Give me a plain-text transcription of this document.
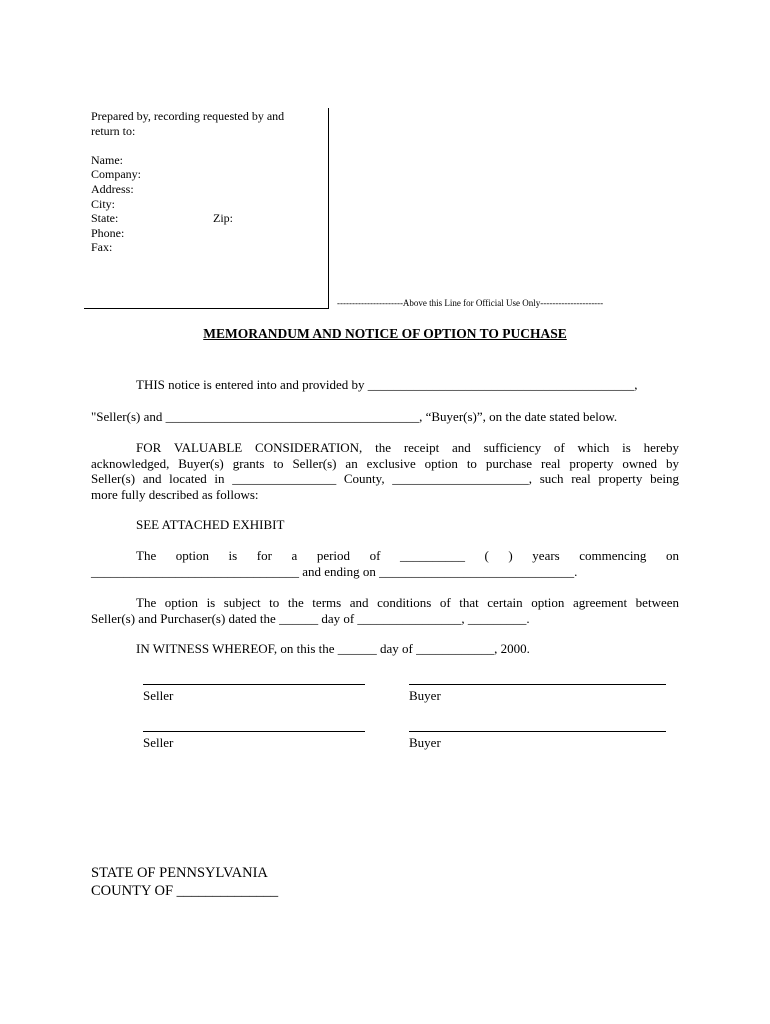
Prepared by, recording requested by and
return to:
Name:
Company:
Address:
City:
State:	Zip:
Phone:
Fax:
----------------------Above this Line for Official Use Only---------------------
MEMORANDUM AND NOTICE OF OPTION TO PUCHASE
THIS notice is entered into and provided by _________________________________________,
"Seller(s) and _______________________________________, “Buyer(s)”, on the date stated below.
FOR VALUABLE CONSIDERATION, the receipt and sufficiency of which is hereby
acknowledged, Buyer(s) grants to Seller(s) an exclusive option to purchase real property owned by
Seller(s) and located in ________________ County, _____________________, such real property being
more fully described as follows:
SEE ATTACHED EXHIBIT
The option is for a period of __________ ( ) years commencing on
________________________________ and ending on ______________________________.
The option is subject to the terms and conditions of that certain option agreement between
Seller(s) and Purchaser(s) dated the ______ day of ________________, _________.
IN WITNESS WHEREOF, on this the ______ day of ____________, 2000.
Seller	Buyer
Seller	Buyer
STATE OF PENNSYLVANIA
COUNTY OF ______________
